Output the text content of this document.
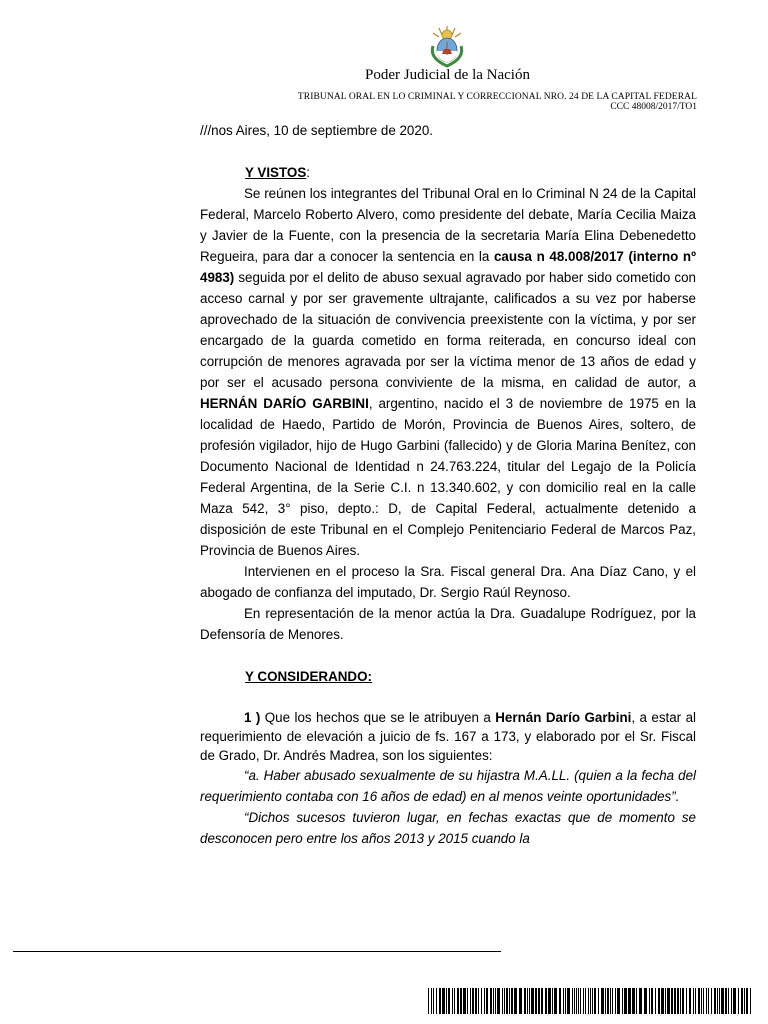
Poder Judicial de la Nación
TRIBUNAL ORAL EN LO CRIMINAL Y CORRECCIONAL NRO. 24 DE LA CAPITAL FEDERAL
CCC 48008/2017/TO1

///nos Aires, 10 de septiembre de 2020.

Y VISTOS:

Se reúnen los integrantes del Tribunal Oral en lo Criminal N 24 de la Capital Federal, Marcelo Roberto Alvero, como presidente del debate, María Cecilia Maiza y Javier de la Fuente, con la presencia de la secretaria María Elina Debenedetto Regueira, para dar a conocer la sentencia en la causa n 48.008/2017 (interno nº 4983) seguida por el delito de abuso sexual agravado por haber sido cometido con acceso carnal y por ser gravemente ultrajante, calificados a su vez por haberse aprovechado de la situación de convivencia preexistente con la víctima, y por ser encargado de la guarda cometido en forma reiterada, en concurso ideal con corrupción de menores agravada por ser la víctima menor de 13 años de edad y por ser el acusado persona conviviente de la misma, en calidad de autor, a HERNÁN DARÍO GARBINI, argentino, nacido el 3 de noviembre de 1975 en la localidad de Haedo, Partido de Morón, Provincia de Buenos Aires, soltero, de profesión vigilador, hijo de Hugo Garbini (fallecido) y de Gloria Marina Benítez, con Documento Nacional de Identidad n 24.763.224, titular del Legajo de la Policía Federal Argentina, de la Serie C.I. n 13.340.602, y con domicilio real en la calle Maza 542, 3° piso, depto.: D, de Capital Federal, actualmente detenido a disposición de este Tribunal en el Complejo Penitenciario Federal de Marcos Paz, Provincia de Buenos Aires.

Intervienen en el proceso la Sra. Fiscal general Dra. Ana Díaz Cano, y el abogado de confianza del imputado, Dr. Sergio Raúl Reynoso.

En representación de la menor actúa la Dra. Guadalupe Rodríguez, por la Defensoría de Menores.

Y CONSIDERANDO:

1 ) Que los hechos que se le atribuyen a Hernán Darío Garbini, a estar al requerimiento de elevación a juicio de fs. 167 a 173, y elaborado por el Sr. Fiscal de Grado, Dr. Andrés Madrea, son los siguientes:

“a. Haber abusado sexualmente de su hijastra M.A.LL. (quien a la fecha del requerimiento contaba con 16 años de edad) en al menos veinte oportunidades”.

“Dichos sucesos tuvieron lugar, en fechas exactas que de momento se desconocen pero entre los años 2013 y 2015 cuando la
